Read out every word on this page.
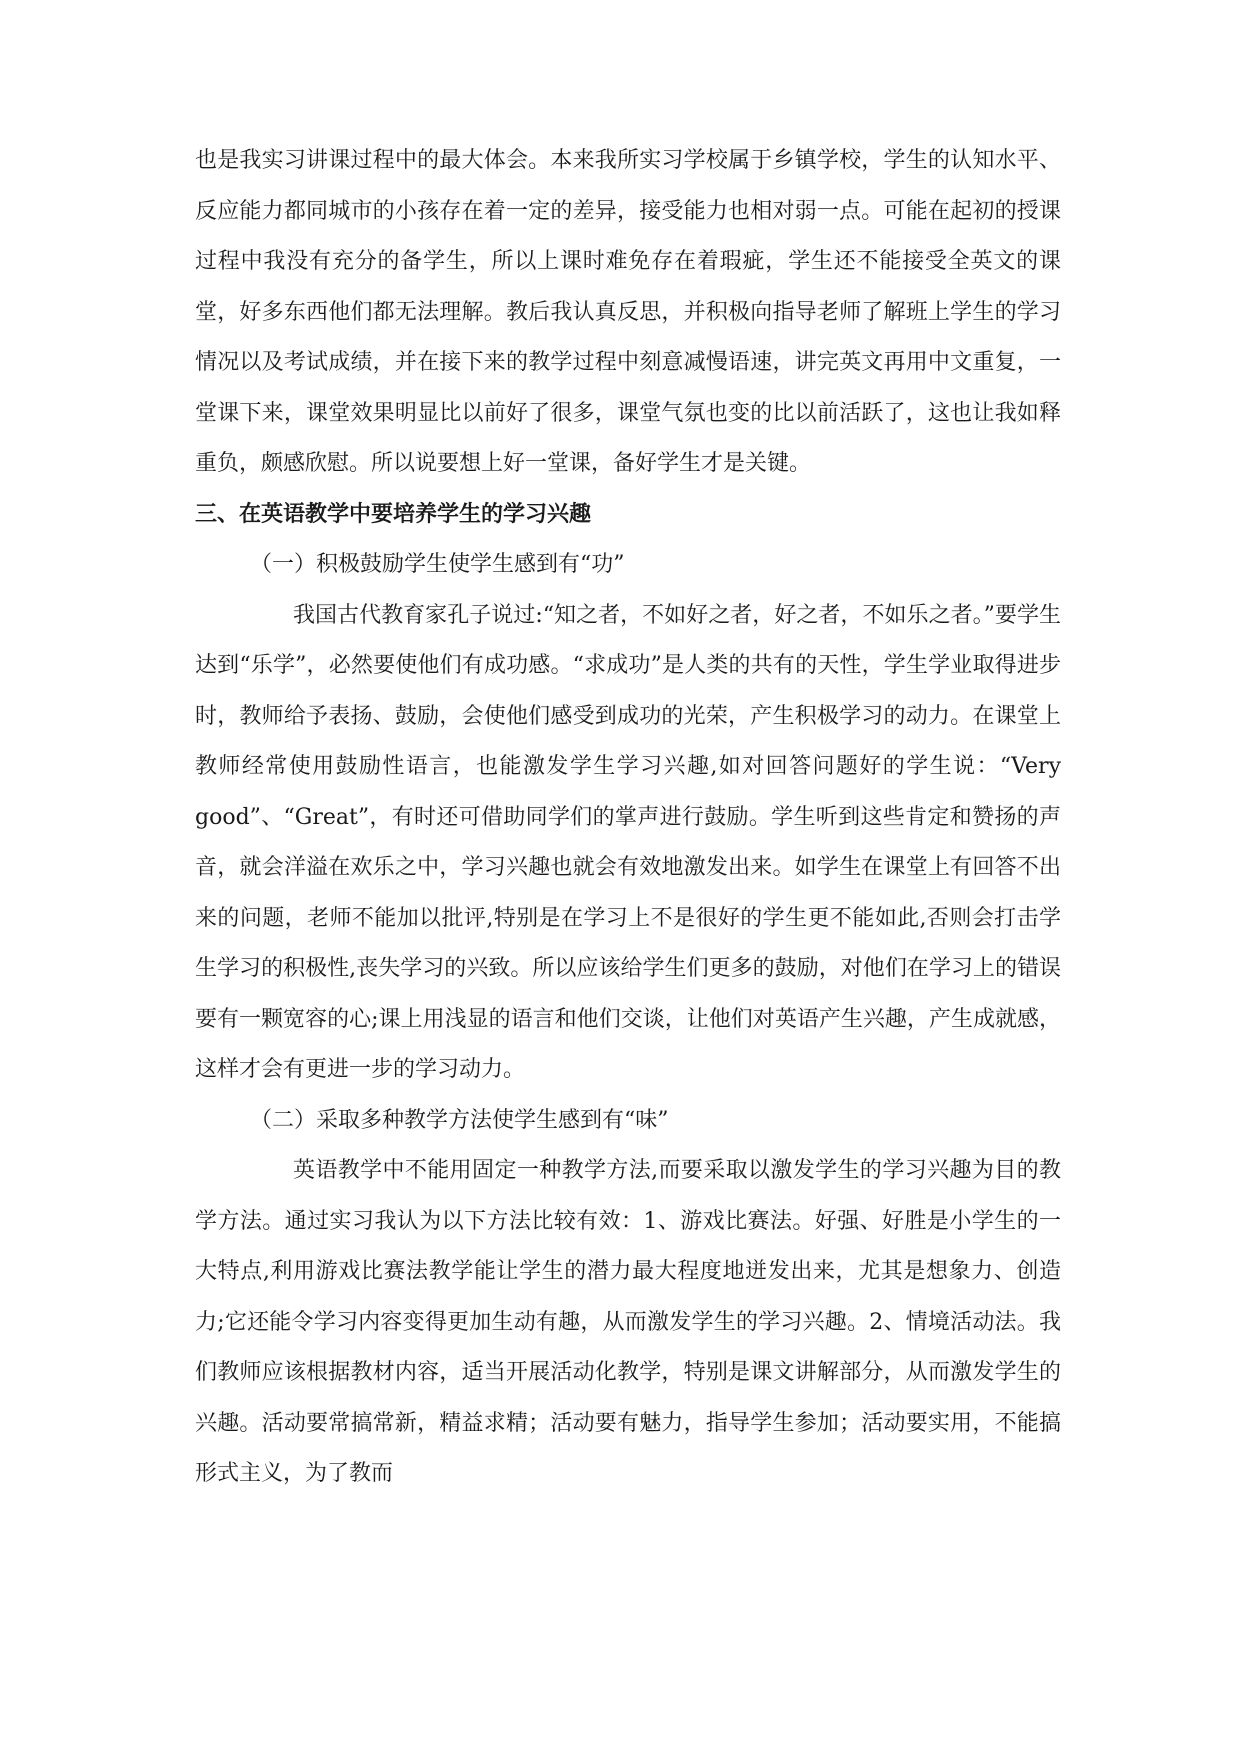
也是我实习讲课过程中的最大体会。本来我所实习学校属于乡镇学校，学生的认知水平、反应能力都同城市的小孩存在着一定的差异，接受能力也相对弱一点。可能在起初的授课过程中我没有充分的备学生，所以上课时难免存在着瑕疵，学生还不能接受全英文的课堂，好多东西他们都无法理解。教后我认真反思，并积极向指导老师了解班上学生的学习情况以及考试成绩，并在接下来的教学过程中刻意减慢语速，讲完英文再用中文重复，一堂课下来，课堂效果明显比以前好了很多，课堂气氛也变的比以前活跃了，这也让我如释重负，颇感欣慰。所以说要想上好一堂课，备好学生才是关键。

三、在英语教学中要培养学生的学习兴趣

（一）积极鼓励学生使学生感到有“功”

我国古代教育家孔子说过:“知之者，不如好之者，好之者，不如乐之者。”要学生达到“乐学”，必然要使他们有成功感。“求成功”是人类的共有的天性，学生学业取得进步时，教师给予表扬、鼓励，会使他们感受到成功的光荣，产生积极学习的动力。在课堂上教师经常使用鼓励性语言，也能激发学生学习兴趣,如对回答问题好的学生说：“Very good”、“Great”，有时还可借助同学们的掌声进行鼓励。学生听到这些肯定和赞扬的声音，就会洋溢在欢乐之中，学习兴趣也就会有效地激发出来。如学生在课堂上有回答不出来的问题，老师不能加以批评,特别是在学习上不是很好的学生更不能如此,否则会打击学生学习的积极性,丧失学习的兴致。所以应该给学生们更多的鼓励，对他们在学习上的错误要有一颗宽容的心;课上用浅显的语言和他们交谈，让他们对英语产生兴趣，产生成就感，这样才会有更进一步的学习动力。

（二）采取多种教学方法使学生感到有“味”

英语教学中不能用固定一种教学方法,而要采取以激发学生的学习兴趣为目的教学方法。通过实习我认为以下方法比较有效：1、游戏比赛法。好强、好胜是小学生的一大特点,利用游戏比赛法教学能让学生的潜力最大程度地迸发出来，尤其是想象力、创造力;它还能令学习内容变得更加生动有趣，从而激发学生的学习兴趣。2、情境活动法。我们教师应该根据教材内容，适当开展活动化教学，特别是课文讲解部分，从而激发学生的兴趣。活动要常搞常新，精益求精；活动要有魅力，指导学生参加；活动要实用，不能搞形式主义，为了教而
